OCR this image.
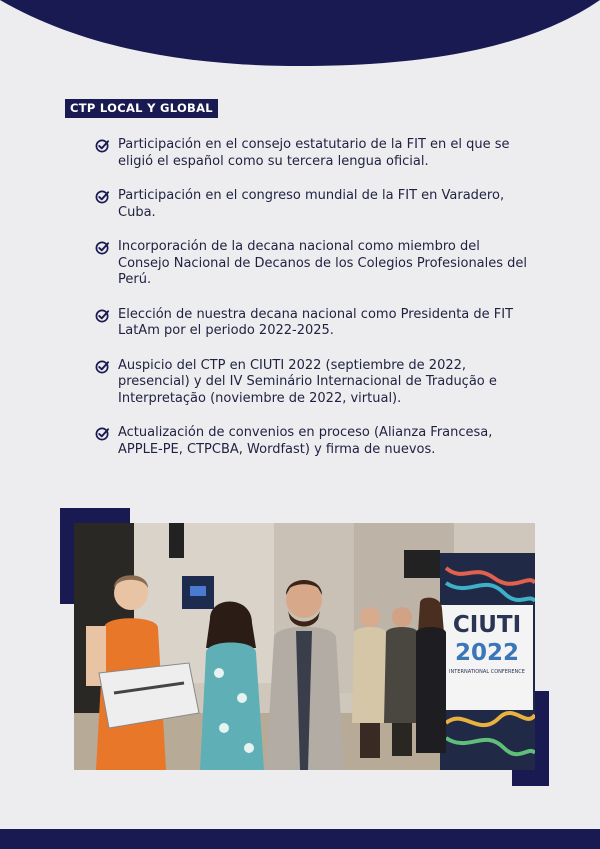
CTP LOCAL Y GLOBAL
Participación en el consejo estatutario de la FIT en el que se eligió el español como su tercera lengua oficial.
Participación en el congreso mundial de la FIT en Varadero, Cuba.
Incorporación de la decana nacional como miembro del Consejo Nacional de Decanos de los Colegios Profesionales del Perú.
Elección de nuestra decana nacional como Presidenta de FIT LatAm por el periodo 2022-2025.
Auspicio del CTP en CIUTI 2022 (septiembre de 2022, presencial) y del IV Seminário Internacional de Tradução e Interpretação (noviembre de 2022, virtual).
Actualización de convenios en proceso (Alianza Francesa, APPLE-PE, CTPCBA, Wordfast) y firma de nuevos.
CIUTI
2022
INTERNATIONAL CONFERENCE
